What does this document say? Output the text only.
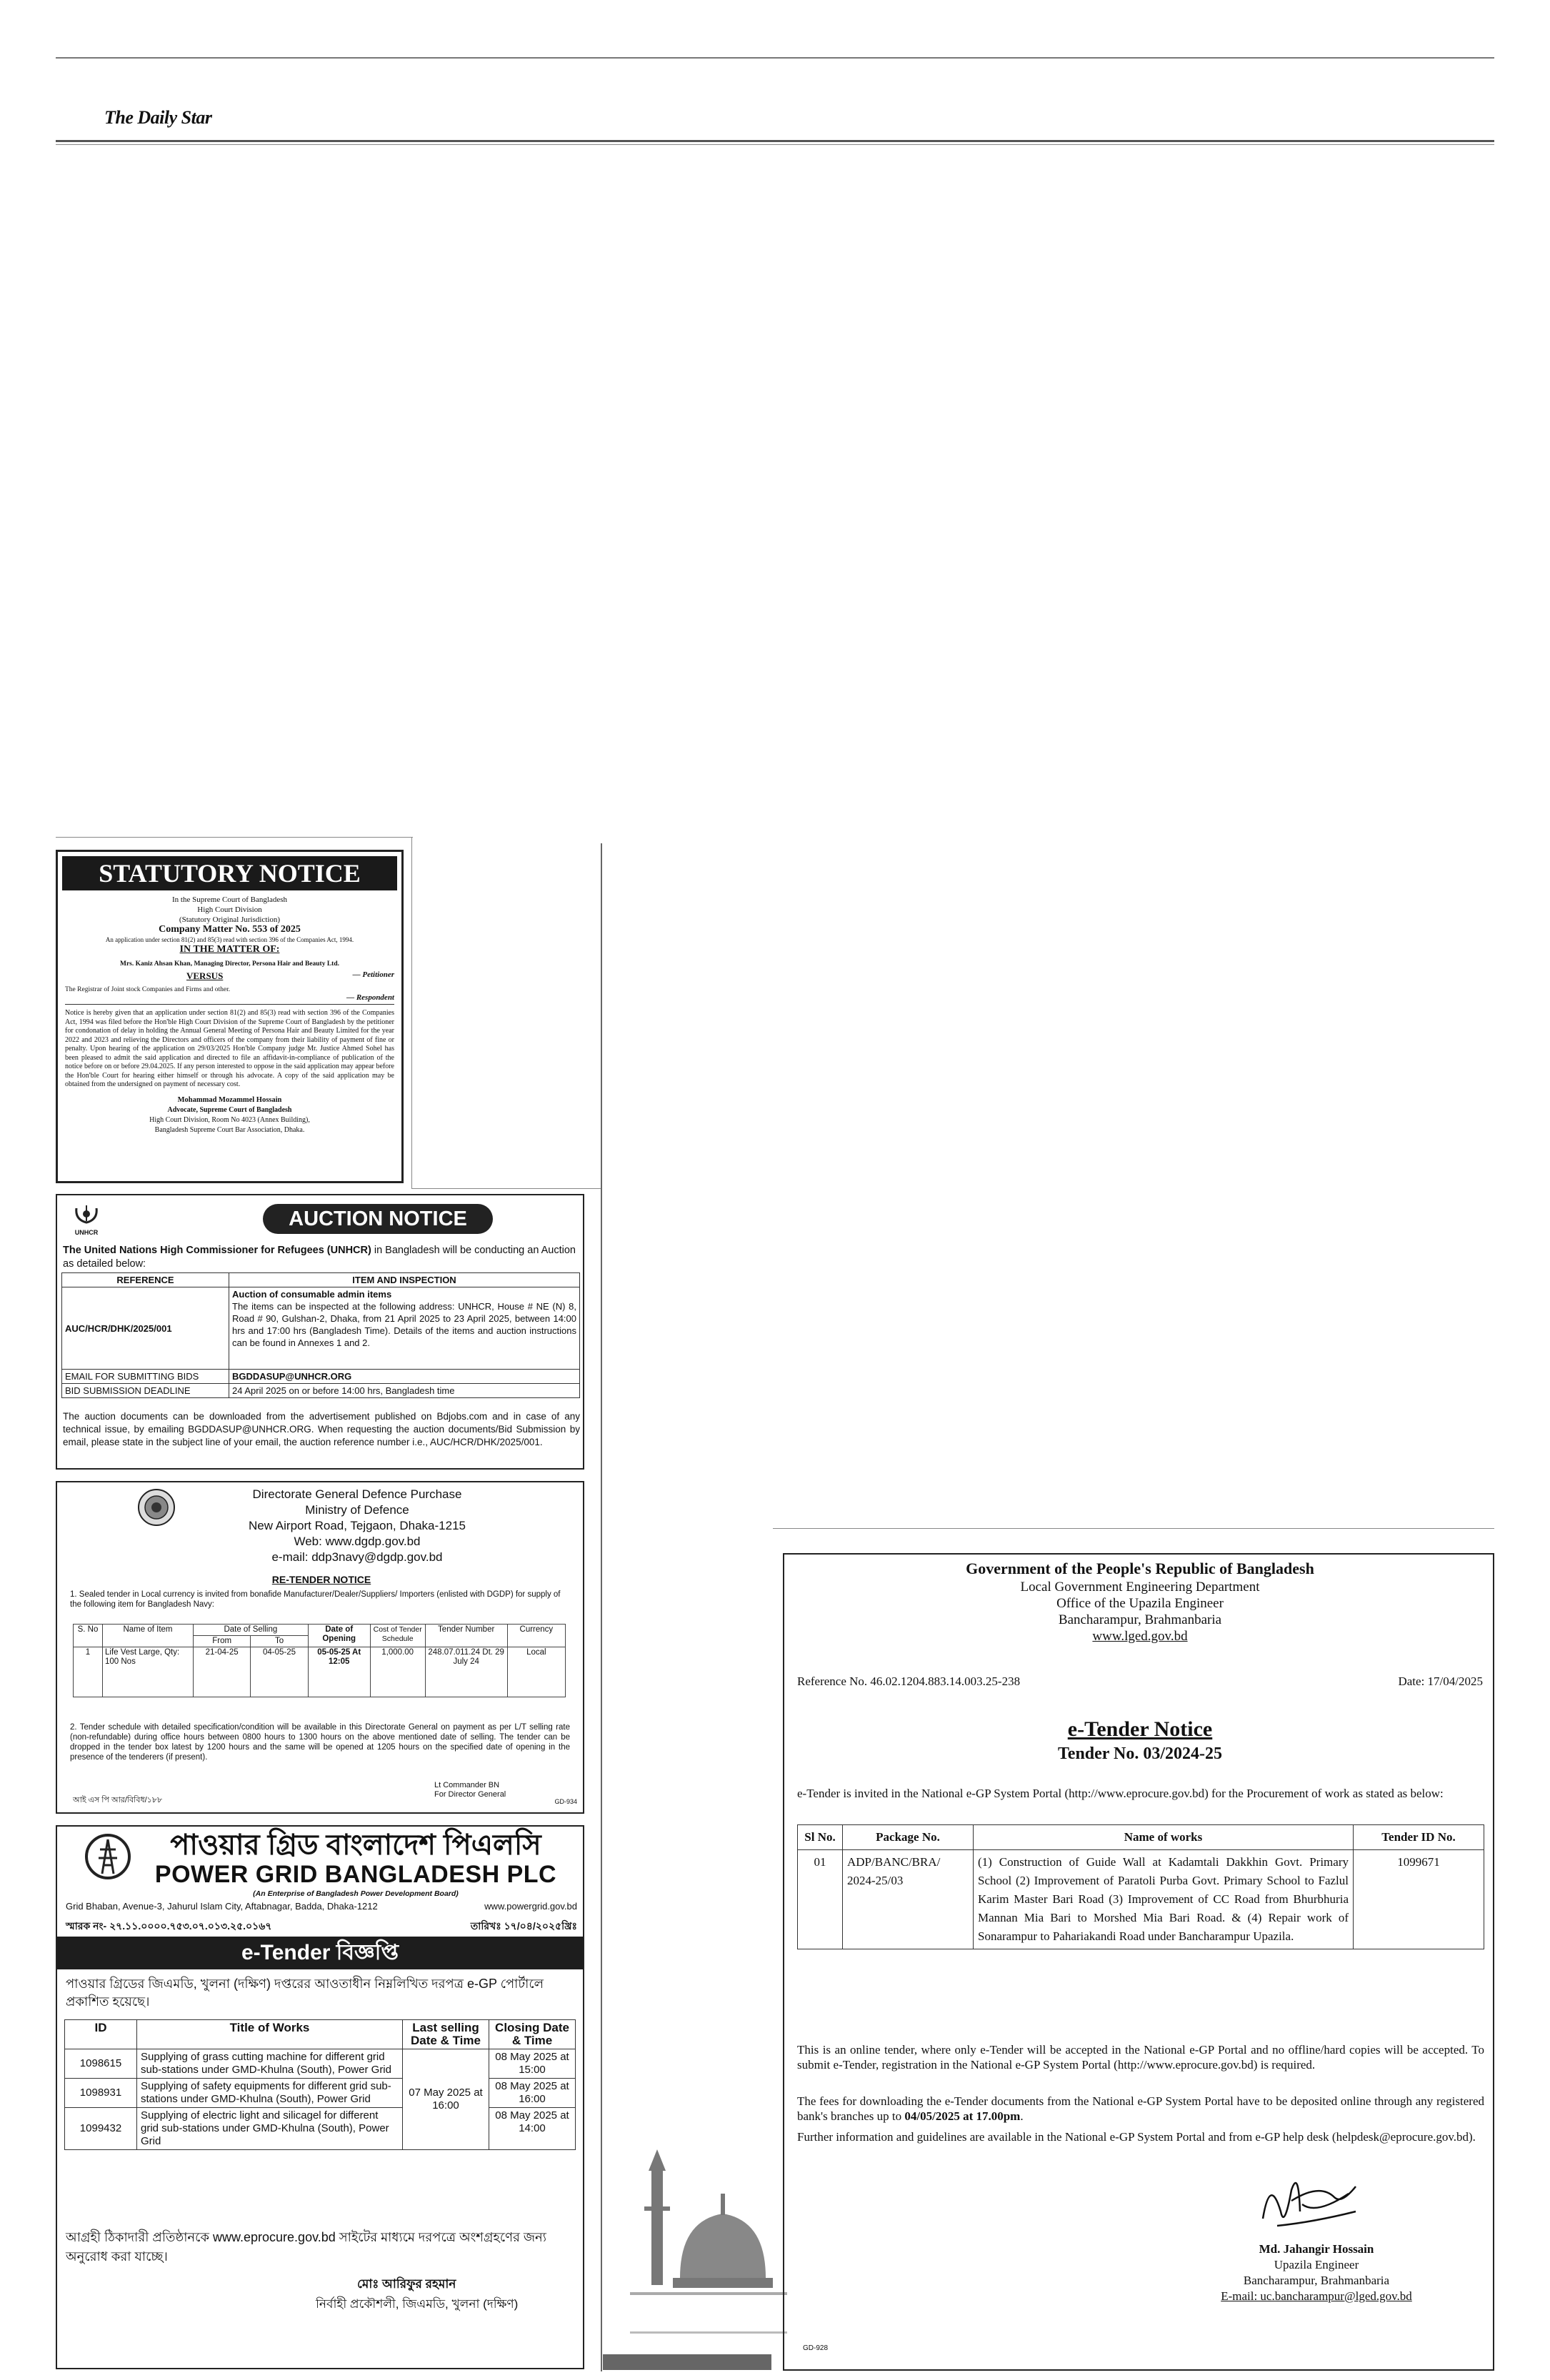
The Daily Star
STATUTORY NOTICE
In the Supreme Court of Bangladesh
High Court Division
(Statutory Original Jurisdiction)
Company Matter No. 553 of 2025
An application under section 81(2) and 85(3) read with section 396 of the Companies Act, 1994.
IN THE MATTER OF:
Mrs. Kaniz Ahsan Khan, Managing Director, Persona Hair and Beauty Ltd.
VERSUS	— Petitioner
The Registrar of Joint stock Companies and Firms and other.
— Respondent
Notice is hereby given that an application under section 81(2) and 85(3) read with section 396 of the Companies Act, 1994 was filed before the Hon'ble High Court Division of the Supreme Court of Bangladesh by the petitioner for condonation of delay in holding the Annual General Meeting of Persona Hair and Beauty Limited for the year 2022 and 2023 and relieving the Directors and officers of the company from their liability of payment of fine or penalty. Upon hearing of the application on 29/03/2025 Hon'ble Company judge Mr. Justice Ahmed Sohel has been pleased to admit the said application and directed to file an affidavit-in-compliance of publication of the notice before on or before 29.04.2025. If any person interested to oppose in the said application may appear before the Hon'ble Court for hearing either himself or through his advocate. A copy of the said application may be obtained from the undersigned on payment of necessary cost.
Mohammad Mozammel Hossain
Advocate, Supreme Court of Bangladesh
High Court Division, Room No 4023 (Annex Building),
Bangladesh Supreme Court Bar Association, Dhaka.
UNHCR
AUCTION NOTICE
The United Nations High Commissioner for Refugees (UNHCR) in Bangladesh will be conducting an Auction as detailed below:
REFERENCE	ITEM AND INSPECTION
AUC/HCR/DHK/2025/001	Auction of consumable admin items
The items can be inspected at the following address: UNHCR, House # NE (N) 8, Road # 90, Gulshan-2, Dhaka, from 21 April 2025 to 23 April 2025, between 14:00 hrs and 17:00 hrs (Bangladesh Time). Details of the items and auction instructions can be found in Annexes 1 and 2.
EMAIL FOR SUBMITTING BIDS	BGDDASUP@UNHCR.ORG
BID SUBMISSION DEADLINE	24 April 2025 on or before 14:00 hrs, Bangladesh time
The auction documents can be downloaded from the advertisement published on Bdjobs.com and in case of any technical issue, by emailing BGDDASUP@UNHCR.ORG. When requesting the auction documents/Bid Submission by email, please state in the subject line of your email, the auction reference number i.e., AUC/HCR/DHK/2025/001.
Directorate General Defence Purchase
Ministry of Defence
New Airport Road, Tejgaon, Dhaka-1215
Web: www.dgdp.gov.bd
e-mail: ddp3navy@dgdp.gov.bd
RE-TENDER NOTICE
1. Sealed tender in Local currency is invited from bonafide Manufacturer/Dealer/Suppliers/ Importers (enlisted with DGDP) for supply of the following item for Bangladesh Navy:
S. No	Name of Item	Date of Selling		Date of Opening	Cost of Tender Schedule	Tender Number	Currency
		From	To				
1	Life Vest Large, Qty: 100 Nos	21-04-25	04-05-25	05-05-25 At 12:05	1,000.00	248.07.011.24 Dt. 29 July 24	Local
2. Tender schedule with detailed specification/condition will be available in this Directorate General on payment as per L/T selling rate (non-refundable) during office hours between 0800 hours to 1300 hours on the above mentioned date of selling. The tender can be dropped in the tender box latest by 1200 hours and the same will be opened at 1205 hours on the specified date of opening in the presence of the tenderers (if present).
Lt Commander BN
For Director General
আই এস পি আর/বিবিধ/১৮৮	GD-934
পাওয়ার গ্রিড বাংলাদেশ পিএলসি
POWER GRID BANGLADESH PLC
(An Enterprise of Bangladesh Power Development Board)
Grid Bhaban, Avenue-3, Jahurul Islam City, Aftabnagar, Badda, Dhaka-1212	www.powergrid.gov.bd
স্মারক নং- ২৭.১১.০০০০.৭৫৩.০৭.০১৩.২৫.০১৬৭	তারিখঃ ১৭/০৪/২০২৫খ্রিঃ
e-Tender বিজ্ঞপ্তি
পাওয়ার গ্রিডের জিএমডি, খুলনা (দক্ষিণ) দপ্তরের আওতাধীন নিম্নলিখিত দরপত্র e-GP পোর্টালে প্রকাশিত হয়েছে।
ID	Title of Works	Last selling Date & Time	Closing Date & Time
1098615	Supplying of grass cutting machine for different grid sub-stations under GMD-Khulna (South), Power Grid	07 May 2025 at 16:00	08 May 2025 at 15:00
1098931	Supplying of safety equipments for different grid sub-stations under GMD-Khulna (South), Power Grid		08 May 2025 at 16:00
1099432	Supplying of electric light and silicagel for different grid sub-stations under GMD-Khulna (South), Power Grid		08 May 2025 at 14:00
আগ্রহী ঠিকাদারী প্রতিষ্ঠানকে www.eprocure.gov.bd সাইটের মাধ্যমে দরপত্রে অংশগ্রহণের জন্য অনুরোধ করা যাচ্ছে।
মোঃ আরিফুর রহমান
নির্বাহী প্রকৌশলী, জিএমডি, খুলনা (দক্ষিণ)
Government of the People's Republic of Bangladesh
Local Government Engineering Department
Office of the Upazila Engineer
Bancharampur, Brahmanbaria
www.lged.gov.bd
Reference No. 46.02.1204.883.14.003.25-238	Date: 17/04/2025
e-Tender Notice
Tender No. 03/2024-25
e-Tender is invited in the National e-GP System Portal (http://www.eprocure.gov.bd) for the Procurement of work as stated as below:
Sl No.	Package No.	Name of works	Tender ID No.
01	ADP/BANC/BRA/ 2024-25/03	(1) Construction of Guide Wall at Kadamtali Dakkhin Govt. Primary School (2) Improvement of Paratoli Purba Govt. Primary School to Fazlul Karim Master Bari Road (3) Improvement of CC Road from Bhurbhuria Mannan Mia Bari to Morshed Mia Bari Road. & (4) Repair work of Sonarampur to Pahariakandi Road under Bancharampur Upazila.	1099671
This is an online tender, where only e-Tender will be accepted in the National e-GP Portal and no offline/hard copies will be accepted. To submit e-Tender, registration in the National e-GP System Portal (http://www.eprocure.gov.bd) is required.
The fees for downloading the e-Tender documents from the National e-GP System Portal have to be deposited online through any registered bank's branches up to 04/05/2025 at 17.00pm.
Further information and guidelines are available in the National e-GP System Portal and from e-GP help desk (helpdesk@eprocure.gov.bd).
Md. Jahangir Hossain
Upazila Engineer
Bancharampur, Brahmanbaria
E-mail: uc.bancharampur@lged.gov.bd
GD-928
